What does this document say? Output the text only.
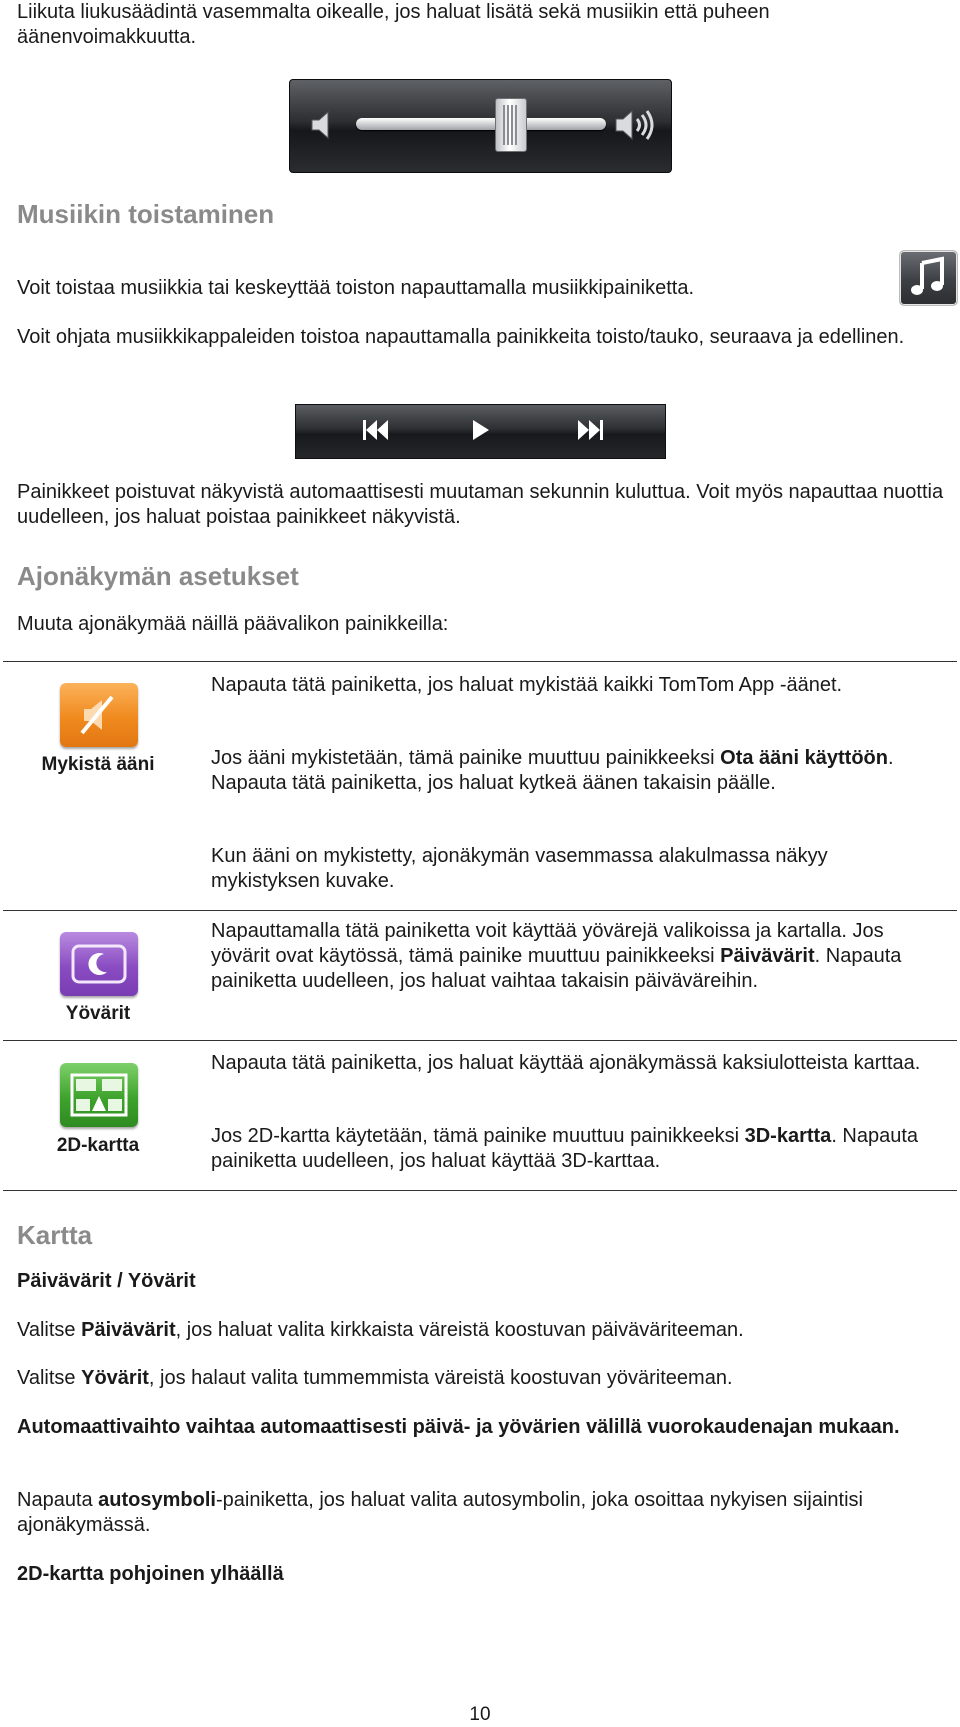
Liikuta liukusäädintä vasemmalta oikealle, jos haluat lisätä sekä musiikin että puheen äänenvoimakkuutta.

Musiikin toistaminen

Voit toistaa musiikkia tai keskeyttää toiston napauttamalla musiikkipainiketta.

Voit ohjata musiikkikappaleiden toistoa napauttamalla painikkeita toisto/tauko, seuraava ja edellinen.

Painikkeet poistuvat näkyvistä automaattisesti muutaman sekunnin kuluttua. Voit myös napauttaa nuottia uudelleen, jos haluat poistaa painikkeet näkyvistä.

Ajonäkymän asetukset

Muuta ajonäkymää näillä päävalikon painikkeilla:

Mykistä ääni

Napauta tätä painiketta, jos haluat mykistää kaikki TomTom App -äänet.

Jos ääni mykistetään, tämä painike muuttuu painikkeeksi Ota ääni käyttöön. Napauta tätä painiketta, jos haluat kytkeä äänen takaisin päälle.

Kun ääni on mykistetty, ajonäkymän vasemmassa alakulmassa näkyy mykistyksen kuvake.

Yövärit

Napauttamalla tätä painiketta voit käyttää yövärejä valikoissa ja kartalla. Jos yövärit ovat käytössä, tämä painike muuttuu painikkeeksi Päivävärit. Napauta painiketta uudelleen, jos haluat vaihtaa takaisin päiväväreihin.

2D-kartta

Napauta tätä painiketta, jos haluat käyttää ajonäkymässä kaksiulotteista karttaa.

Jos 2D-kartta käytetään, tämä painike muuttuu painikkeeksi 3D-kartta. Napauta painiketta uudelleen, jos haluat käyttää 3D-karttaa.

Kartta

Päivävärit / Yövärit

Valitse Päivävärit, jos haluat valita kirkkaista väreistä koostuvan päiväväriteeman.

Valitse Yövärit, jos halaut valita tummemmista väreistä koostuvan yöväriteeman.

Automaattivaihto vaihtaa automaattisesti päivä- ja yövärien välillä vuorokaudenajan mukaan.

Napauta autosymboli-painiketta, jos haluat valita autosymbolin, joka osoittaa nykyisen sijaintisi ajonäkymässä.

2D-kartta pohjoinen ylhäällä

10
